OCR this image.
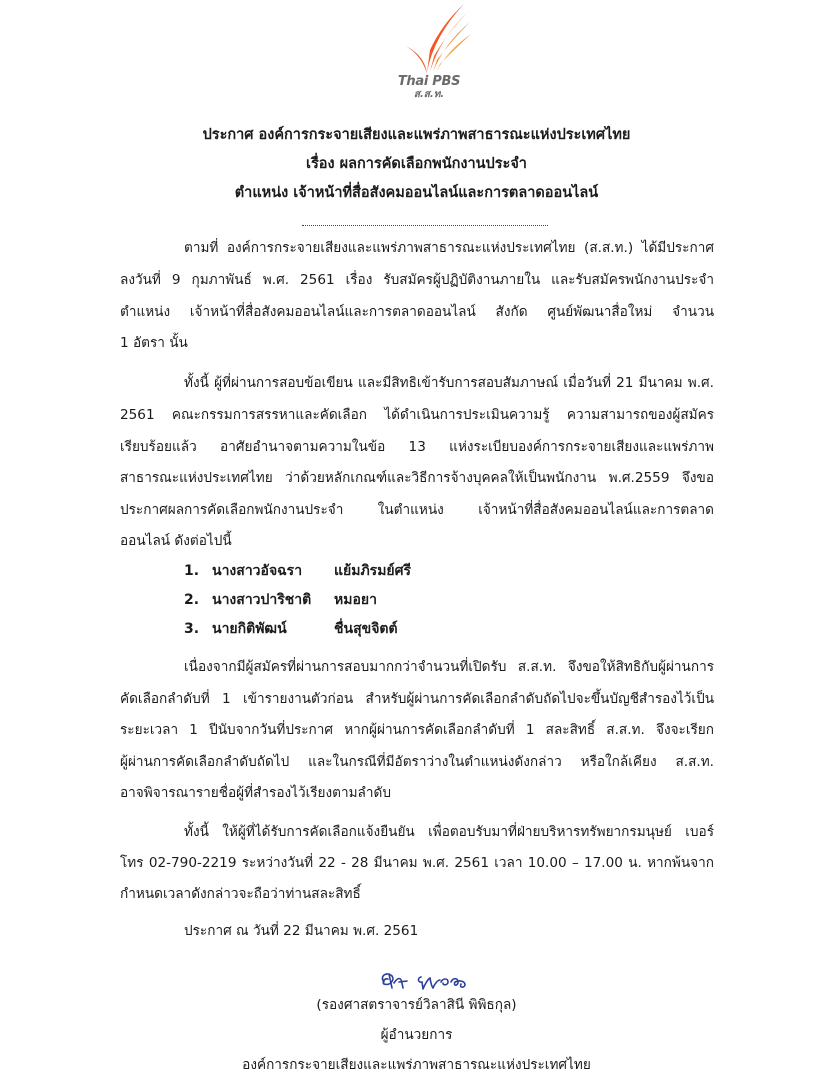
Thai PBS
ส.ส.ท.
ประกาศ องค์การกระจายเสียงและแพร่ภาพสาธารณะแห่งประเทศไทย
เรื่อง ผลการคัดเลือกพนักงานประจำ
ตำแหน่ง เจ้าหน้าที่สื่อสังคมออนไลน์และการตลาดออนไลน์
ตามที่ องค์การกระจายเสียงและแพร่ภาพสาธารณะแห่งประเทศไทย (ส.ส.ท.) ได้มีประกาศ
ลงวันที่ 9 กุมภาพันธ์ พ.ศ. 2561 เรื่อง รับสมัครผู้ปฏิบัติงานภายใน และรับสมัครพนักงานประจำ
ตำแหน่ง เจ้าหน้าที่สื่อสังคมออนไลน์และการตลาดออนไลน์ สังกัด ศูนย์พัฒนาสื่อใหม่ จำนวน
1 อัตรา นั้น
ทั้งนี้ ผู้ที่ผ่านการสอบข้อเขียน และมีสิทธิเข้ารับการสอบสัมภาษณ์ เมื่อวันที่ 21 มีนาคม พ.ศ.
2561 คณะกรรมการสรรหาและคัดเลือก ได้ดำเนินการประเมินความรู้ ความสามารถของผู้สมัคร
เรียบร้อยแล้ว อาศัยอำนาจตามความในข้อ 13 แห่งระเบียบองค์การกระจายเสียงและแพร่ภาพ
สาธารณะแห่งประเทศไทย ว่าด้วยหลักเกณฑ์และวิธีการจ้างบุคคลให้เป็นพนักงาน พ.ศ.2559 จึงขอ
ประกาศผลการคัดเลือกพนักงานประจำ ในตำแหน่ง เจ้าหน้าที่สื่อสังคมออนไลน์และการตลาด
ออนไลน์ ดังต่อไปนี้
1. นางสาวอัจฉรา แย้มภิรมย์ศรี
2. นางสาวปาริชาติ หมอยา
3. นายกิติพัฒน์	ชื่นสุขจิตต์
เนื่องจากมีผู้สมัครที่ผ่านการสอบมากกว่าจำนวนที่เปิดรับ ส.ส.ท. จึงขอให้สิทธิกับผู้ผ่านการ
คัดเลือกลำดับที่ 1 เข้ารายงานตัวก่อน สำหรับผู้ผ่านการคัดเลือกลำดับถัดไปจะขึ้นบัญชีสำรองไว้เป็น
ระยะเวลา 1 ปีนับจากวันที่ประกาศ หากผู้ผ่านการคัดเลือกลำดับที่ 1 สละสิทธิ์ ส.ส.ท. จึงจะเรียก
ผู้ผ่านการคัดเลือกลำดับถัดไป และในกรณีที่มีอัตราว่างในตำแหน่งดังกล่าว หรือใกล้เคียง ส.ส.ท.
อาจพิจารณารายชื่อผู้ที่สำรองไว้เรียงตามลำดับ
ทั้งนี้ ให้ผู้ที่ได้รับการคัดเลือกแจ้งยืนยัน เพื่อตอบรับมาที่ฝ่ายบริหารทรัพยากรมนุษย์ เบอร์
โทร 02-790-2219 ระหว่างวันที่ 22 - 28 มีนาคม พ.ศ. 2561 เวลา 10.00 – 17.00 น. หากพ้นจาก
กำหนดเวลาดังกล่าวจะถือว่าท่านสละสิทธิ์
ประกาศ ณ วันที่ 22 มีนาคม พ.ศ. 2561
(รองศาสตราจารย์วิลาสินี พิพิธกุล)
ผู้อำนวยการ
องค์การกระจายเสียงและแพร่ภาพสาธารณะแห่งประเทศไทย
